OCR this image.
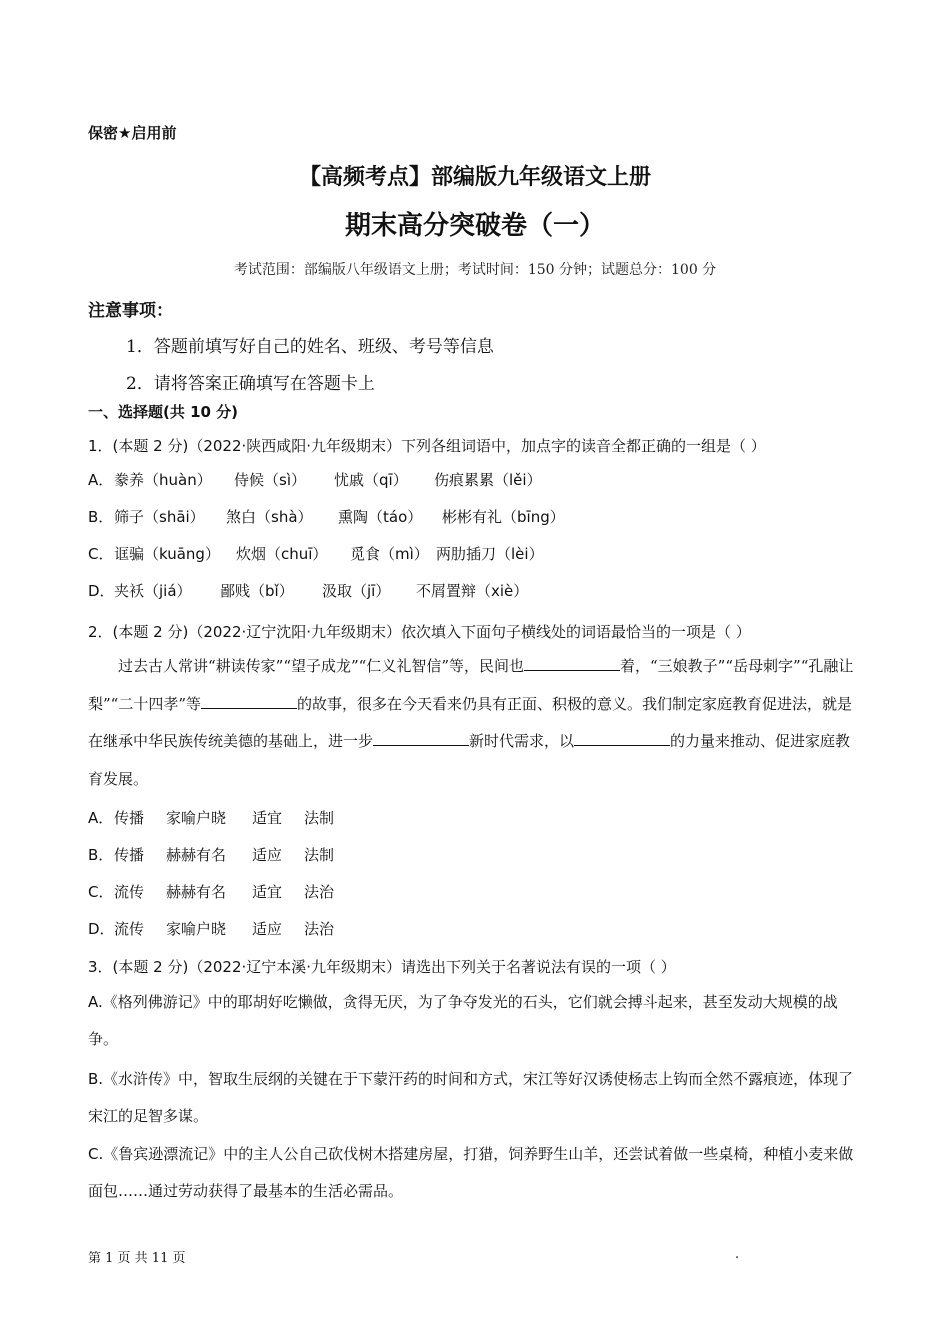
保密★启用前
【高频考点】部编版九年级语文上册
期末高分突破卷（一）
考试范围：部编版八年级语文上册；考试时间：150 分钟；试题总分：100 分
注意事项：
1．答题前填写好自己的姓名、班级、考号等信息
2．请将答案正确填写在答题卡上
一、选择题(共 10 分)
1．(本题 2 分)（2022·陕西咸阳·九年级期末）下列各组词语中，加点字的读音全都正确的一组是（ ）
A．豢养（huàn） 侍候（sì） 忧戚（qī） 伤痕累累（lěi）
B．筛子（shāi） 煞白（shà） 熏陶（táo） 彬彬有礼（bīng）
C．诓骗（kuāng） 炊烟（chuī） 觅食（mì） 两肋插刀（lèi）
D．夹袄（jiá） 鄙贱（bǐ） 汲取（jī） 不屑置辩（xiè）
2．(本题 2 分)（2022·辽宁沈阳·九年级期末）依次填入下面句子横线处的词语最恰当的一项是（ ）
过去古人常讲“耕读传家”“望子成龙”“仁义礼智信”等，民间也	着，“三娘教子”“岳母刺字”“孔融让梨”“二十四孝”等	的故事，很多在今天看来仍具有正面、积极的意义。我们制定家庭教育促进法，就是在继承中华民族传统美德的基础上，进一步	新时代需求，以	的力量来推动、促进家庭教育发展。
A．传播 家喻户晓 适宜 法制
B．传播 赫赫有名 适应 法制
C．流传 赫赫有名 适宜 法治
D．流传 家喻户晓 适应 法治
3．(本题 2 分)（2022·辽宁本溪·九年级期末）请选出下列关于名著说法有误的一项（ ）
A.《格列佛游记》中的耶胡好吃懒做，贪得无厌，为了争夺发光的石头，它们就会搏斗起来，甚至发动大规模的战争。
B.《水浒传》中，智取生辰纲的关键在于下蒙汗药的时间和方式，宋江等好汉诱使杨志上钩而全然不露痕迹，体现了宋江的足智多谋。
C.《鲁宾逊漂流记》中的主人公自己砍伐树木搭建房屋，打猎，饲养野生山羊，还尝试着做一些桌椅，种植小麦来做面包……通过劳动获得了最基本的生活必需品。
第 1 页 共 11 页	.
